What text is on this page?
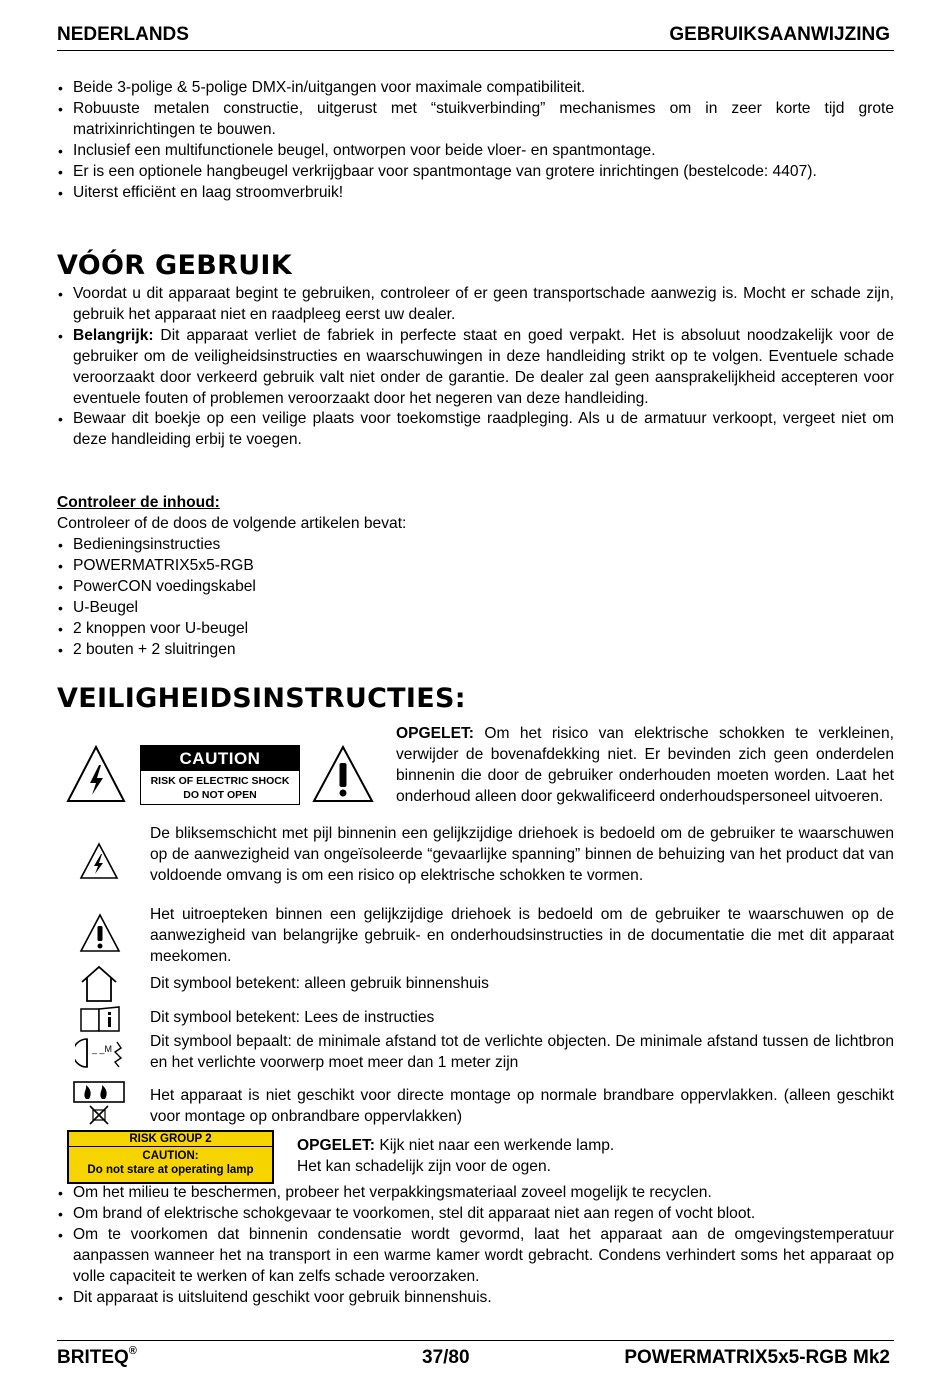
NEDERLANDS	GEBRUIKSAANWIJZING
• Beide 3-polige & 5-polige DMX-in/uitgangen voor maximale compatibiliteit.
• Robuuste metalen constructie, uitgerust met “stuikverbinding” mechanismes om in zeer korte tijd grote matrixinrichtingen te bouwen.
• Inclusief een multifunctionele beugel, ontworpen voor beide vloer- en spantmontage.
• Er is een optionele hangbeugel verkrijgbaar voor spantmontage van grotere inrichtingen (bestelcode: 4407).
• Uiterst efficiënt en laag stroomverbruik!
VÓÓR GEBRUIK
• Voordat u dit apparaat begint te gebruiken, controleer of er geen transportschade aanwezig is. Mocht er schade zijn, gebruik het apparaat niet en raadpleeg eerst uw dealer.
• Belangrijk: Dit apparaat verliet de fabriek in perfecte staat en goed verpakt. Het is absoluut noodzakelijk voor de gebruiker om de veiligheidsinstructies en waarschuwingen in deze handleiding strikt op te volgen. Eventuele schade veroorzaakt door verkeerd gebruik valt niet onder de garantie. De dealer zal geen aansprakelijkheid accepteren voor eventuele fouten of problemen veroorzaakt door het negeren van deze handleiding.
• Bewaar dit boekje op een veilige plaats voor toekomstige raadpleging. Als u de armatuur verkoopt, vergeet niet om deze handleiding erbij te voegen.
Controleer de inhoud:
Controleer of de doos de volgende artikelen bevat:
• Bedieningsinstructies
• POWERMATRIX5x5-RGB
• PowerCON voedingskabel
• U-Beugel
• 2 knoppen voor U-beugel
• 2 bouten + 2 sluitringen
VEILIGHEIDSINSTRUCTIES:
CAUTION
RISK OF ELECTRIC SHOCK
DO NOT OPEN
OPGELET: Om het risico van elektrische schokken te verkleinen, verwijder de bovenafdekking niet. Er bevinden zich geen onderdelen binnenin die door de gebruiker onderhouden moeten worden. Laat het onderhoud alleen door gekwalificeerd onderhoudspersoneel uitvoeren.
De bliksemschicht met pijl binnenin een gelijkzijdige driehoek is bedoeld om de gebruiker te waarschuwen op de aanwezigheid van ongeïsoleerde “gevaarlijke spanning” binnen de behuizing van het product dat van voldoende omvang is om een risico op elektrische schokken te vormen.
Het uitroepteken binnen een gelijkzijdige driehoek is bedoeld om de gebruiker te waarschuwen op de aanwezigheid van belangrijke gebruik- en onderhoudsinstructies in de documentatie die met dit apparaat meekomen.
Dit symbool betekent: alleen gebruik binnenshuis
Dit symbool betekent: Lees de instructies
_ _M Dit symbool bepaalt: de minimale afstand tot de verlichte objecten. De minimale afstand tussen de lichtbron en het verlichte voorwerp moet meer dan 1 meter zijn
Het apparaat is niet geschikt voor directe montage op normale brandbare oppervlakken. (alleen geschikt voor montage op onbrandbare oppervlakken)
RISK GROUP 2
CAUTION:
Do not stare at operating lamp
OPGELET: Kijk niet naar een werkende lamp.
Het kan schadelijk zijn voor de ogen.
• Om het milieu te beschermen, probeer het verpakkingsmateriaal zoveel mogelijk te recyclen.
• Om brand of elektrische schokgevaar te voorkomen, stel dit apparaat niet aan regen of vocht bloot.
• Om te voorkomen dat binnenin condensatie wordt gevormd, laat het apparaat aan de omgevingstemperatuur aanpassen wanneer het na transport in een warme kamer wordt gebracht. Condens verhindert soms het apparaat op volle capaciteit te werken of kan zelfs schade veroorzaken.
• Dit apparaat is uitsluitend geschikt voor gebruik binnenshuis.
BRITEQ®	37/80	POWERMATRIX5x5-RGB Mk2
